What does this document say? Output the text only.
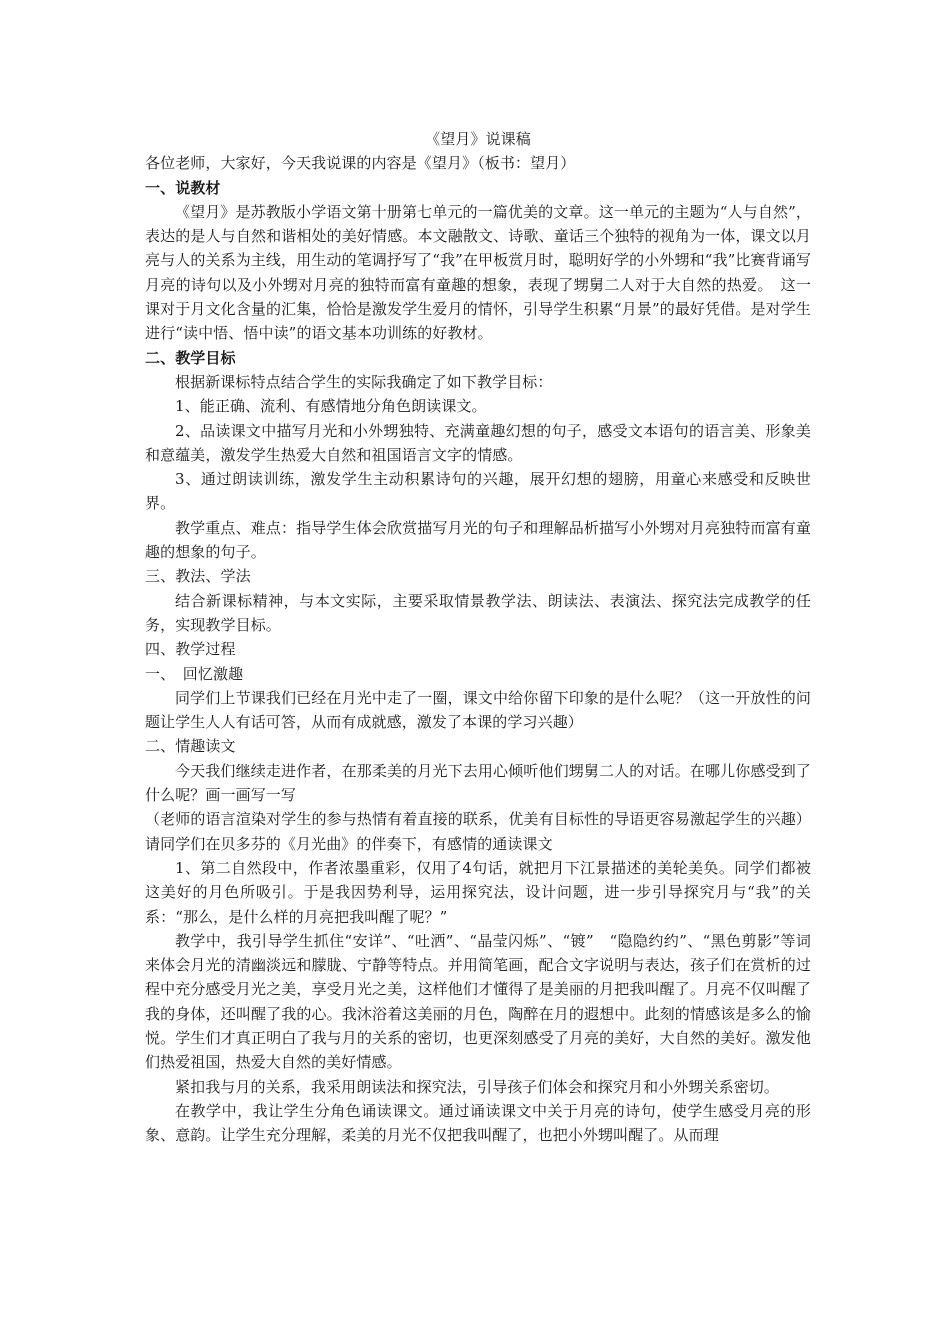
《望月》说课稿

各位老师，大家好，今天我说课的内容是《望月》（板书：望月）

一、说教材

《望月》是苏教版小学语文第十册第七单元的一篇优美的文章。这一单元的主题为“人与自然”，表达的是人与自然和谐相处的美好情感。本文融散文、诗歌、童话三个独特的视角为一体，课文以月亮与人的关系为主线，用生动的笔调抒写了“我”在甲板赏月时，聪明好学的小外甥和“我”比赛背诵写月亮的诗句以及小外甥对月亮的独特而富有童趣的想象，表现了甥舅二人对于大自然的热爱。　这一课对于月文化含量的汇集，恰恰是激发学生爱月的情怀，引导学生积累“月景”的最好凭借。是对学生进行“读中悟、悟中读”的语文基本功训练的好教材。

二、教学目标

根据新课标特点结合学生的实际我确定了如下教学目标：

1、能正确、流利、有感情地分角色朗读课文。

2、品读课文中描写月光和小外甥独特、充满童趣幻想的句子，感受文本语句的语言美、形象美和意蕴美，激发学生热爱大自然和祖国语言文字的情感。

3、通过朗读训练，激发学生主动积累诗句的兴趣，展开幻想的翅膀，用童心来感受和反映世界。

教学重点、难点：指导学生体会欣赏描写月光的句子和理解品析描写小外甥对月亮独特而富有童趣的想象的句子。

三、教法、学法

结合新课标精神，与本文实际，主要采取情景教学法、朗读法、表演法、探究法完成教学的任务，实现教学目标。

四、教学过程

一、　回忆激趣

同学们上节课我们已经在月光中走了一圈，课文中给你留下印象的是什么呢？（这一开放性的问题让学生人人有话可答，从而有成就感，激发了本课的学习兴趣）

二、情趣读文

今天我们继续走进作者，在那柔美的月光下去用心倾听他们甥舅二人的对话。在哪儿你感受到了什么呢？画一画写一写

（老师的语言渲染对学生的参与热情有着直接的联系，优美有目标性的导语更容易激起学生的兴趣）请同学们在贝多芬的《月光曲》的伴奏下，有感情的通读课文

1、第二自然段中，作者浓墨重彩，仅用了4句话，就把月下江景描述的美轮美奂。同学们都被这美好的月色所吸引。于是我因势利导，运用探究法，设计问题，进一步引导探究月与“我”的关系：“那么，是什么样的月亮把我叫醒了呢？”

教学中，我引导学生抓住“安详”、“吐洒”、“晶莹闪烁”、“镀”　“隐隐约约”、“黑色剪影”等词来体会月光的清幽淡远和朦胧、宁静等特点。并用简笔画，配合文字说明与表达，孩子们在赏析的过程中充分感受月光之美，享受月光之美，这样他们才懂得了是美丽的月把我叫醒了。月亮不仅叫醒了我的身体，还叫醒了我的心。我沐浴着这美丽的月色，陶醉在月的遐想中。此刻的情感该是多么的愉悦。学生们才真正明白了我与月的关系的密切，也更深刻感受了月亮的美好，大自然的美好。激发他们热爱祖国，热爱大自然的美好情感。

紧扣我与月的关系，我采用朗读法和探究法，引导孩子们体会和探究月和小外甥关系密切。

在教学中，我让学生分角色诵读课文。通过诵读课文中关于月亮的诗句，使学生感受月亮的形象、意韵。让学生充分理解，柔美的月光不仅把我叫醒了，也把小外甥叫醒了。从而理
